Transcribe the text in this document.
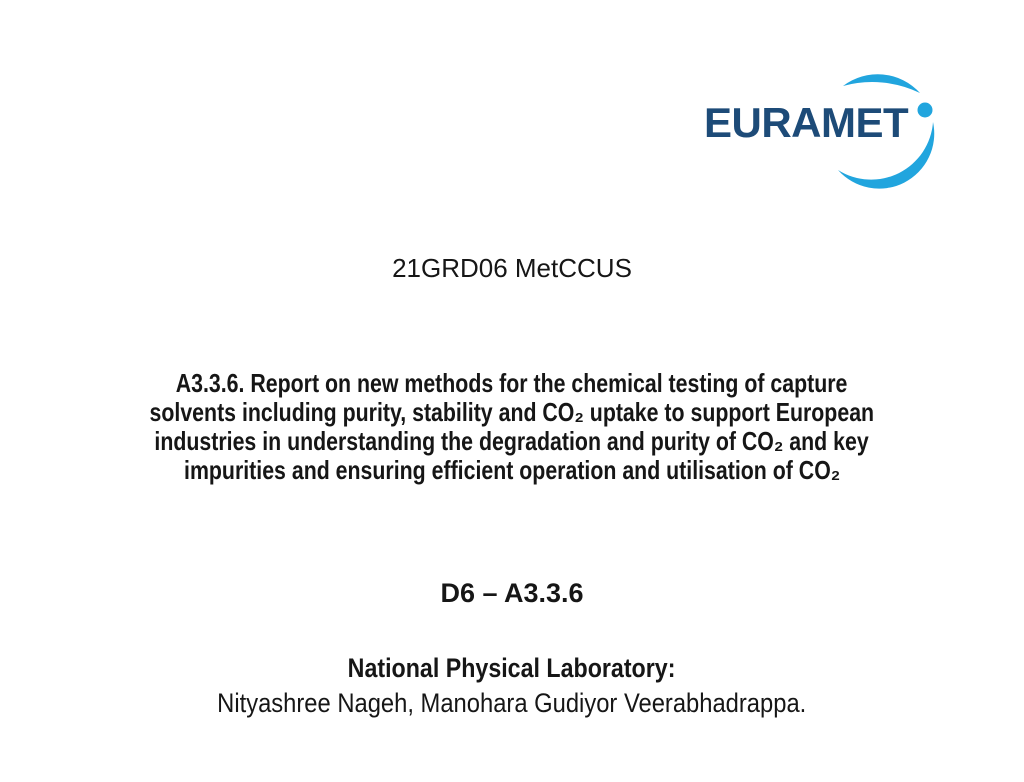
EURAMET
21GRD06 MetCCUS
A3.3.6. Report on new methods for the chemical testing of capture
solvents including purity, stability and CO₂ uptake to support European
industries in understanding the degradation and purity of CO₂ and key
impurities and ensuring efficient operation and utilisation of CO₂
D6 – A3.3.6
National Physical Laboratory:
Nityashree Nageh, Manohara Gudiyor Veerabhadrappa.
